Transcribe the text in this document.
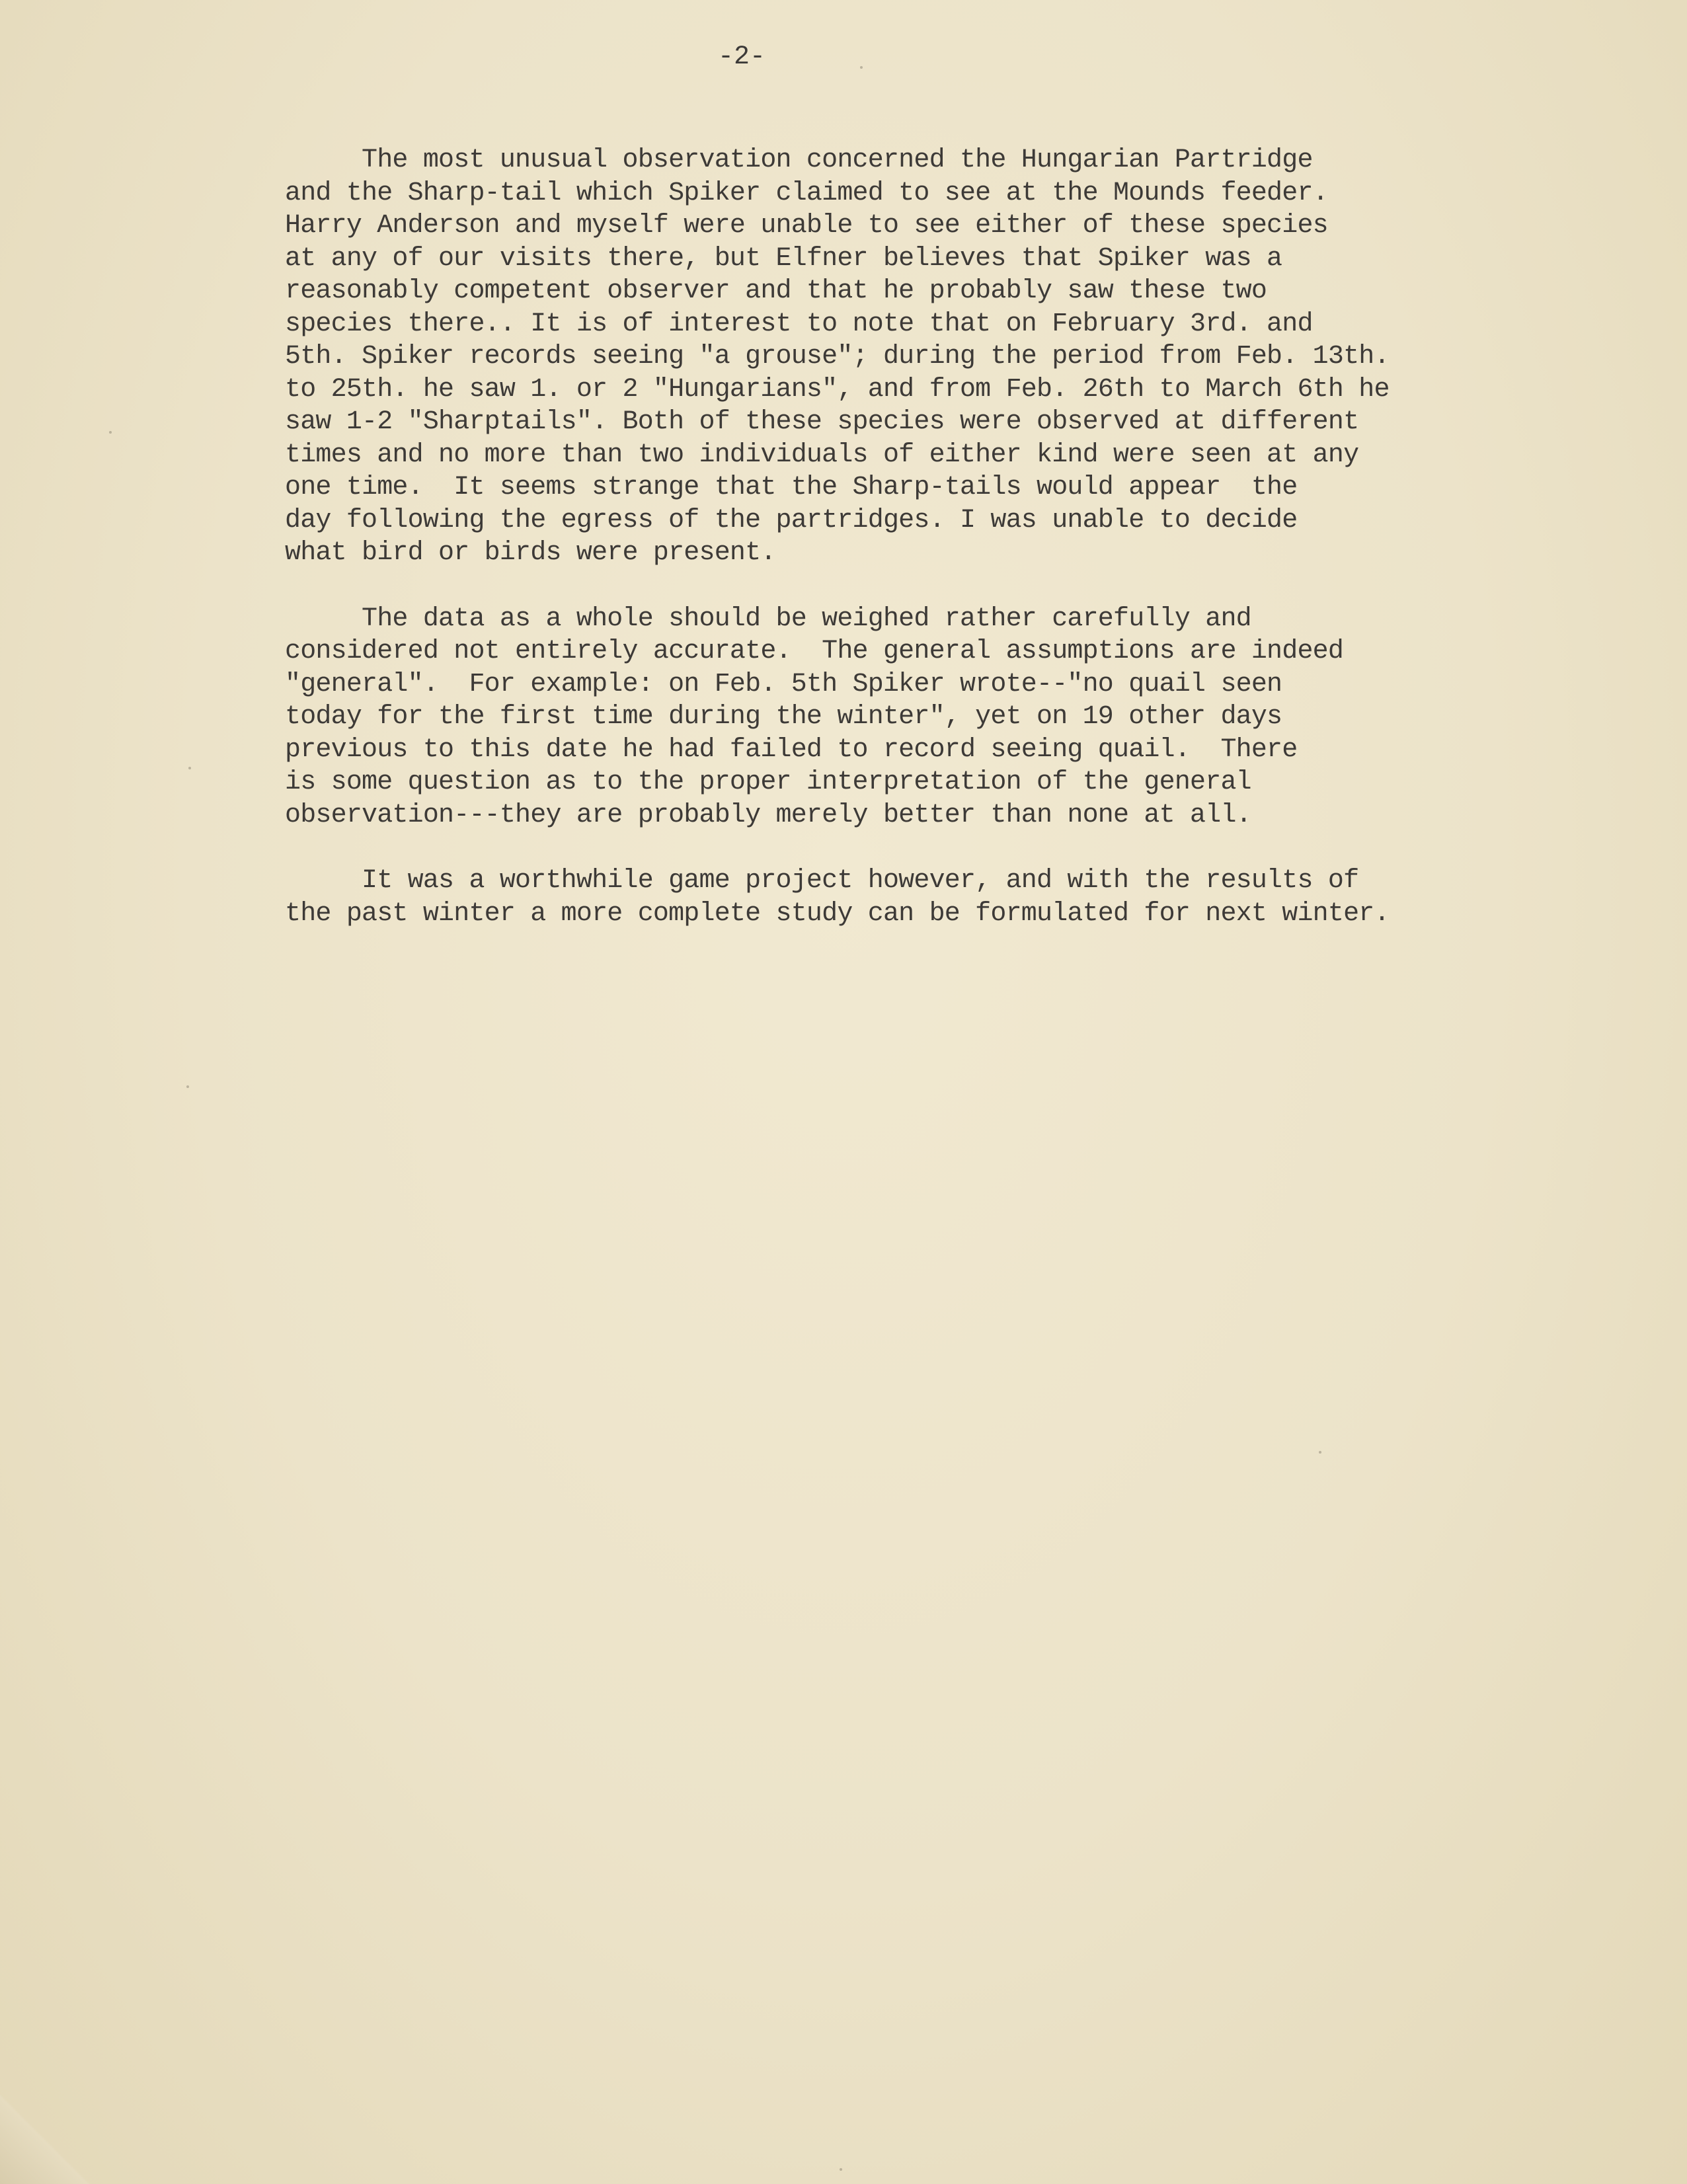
-2-
The most unusual observation concerned the Hungarian Partridge
and the Sharp-tail which Spiker claimed to see at the Mounds feeder.
Harry Anderson and myself were unable to see either of these species
at any of our visits there, but Elfner believes that Spiker was a
reasonably competent observer and that he probably saw these two
species there.. It is of interest to note that on February 3rd. and
5th. Spiker records seeing "a grouse"; during the period from Feb. 13th.
to 25th. he saw 1. or 2 "Hungarians", and from Feb. 26th to March 6th he
saw 1-2 "Sharptails". Both of these species were observed at different
times and no more than two individuals of either kind were seen at any
one time.  It seems strange that the Sharp-tails would appear  the
day following the egress of the partridges. I was unable to decide
what bird or birds were present.
The data as a whole should be weighed rather carefully and
considered not entirely accurate.  The general assumptions are indeed
"general".  For example: on Feb. 5th Spiker wrote--"no quail seen
today for the first time during the winter", yet on 19 other days
previous to this date he had failed to record seeing quail.  There
is some question as to the proper interpretation of the general
observation---they are probably merely better than none at all.
It was a worthwhile game project however, and with the results of
the past winter a more complete study can be formulated for next winter.
